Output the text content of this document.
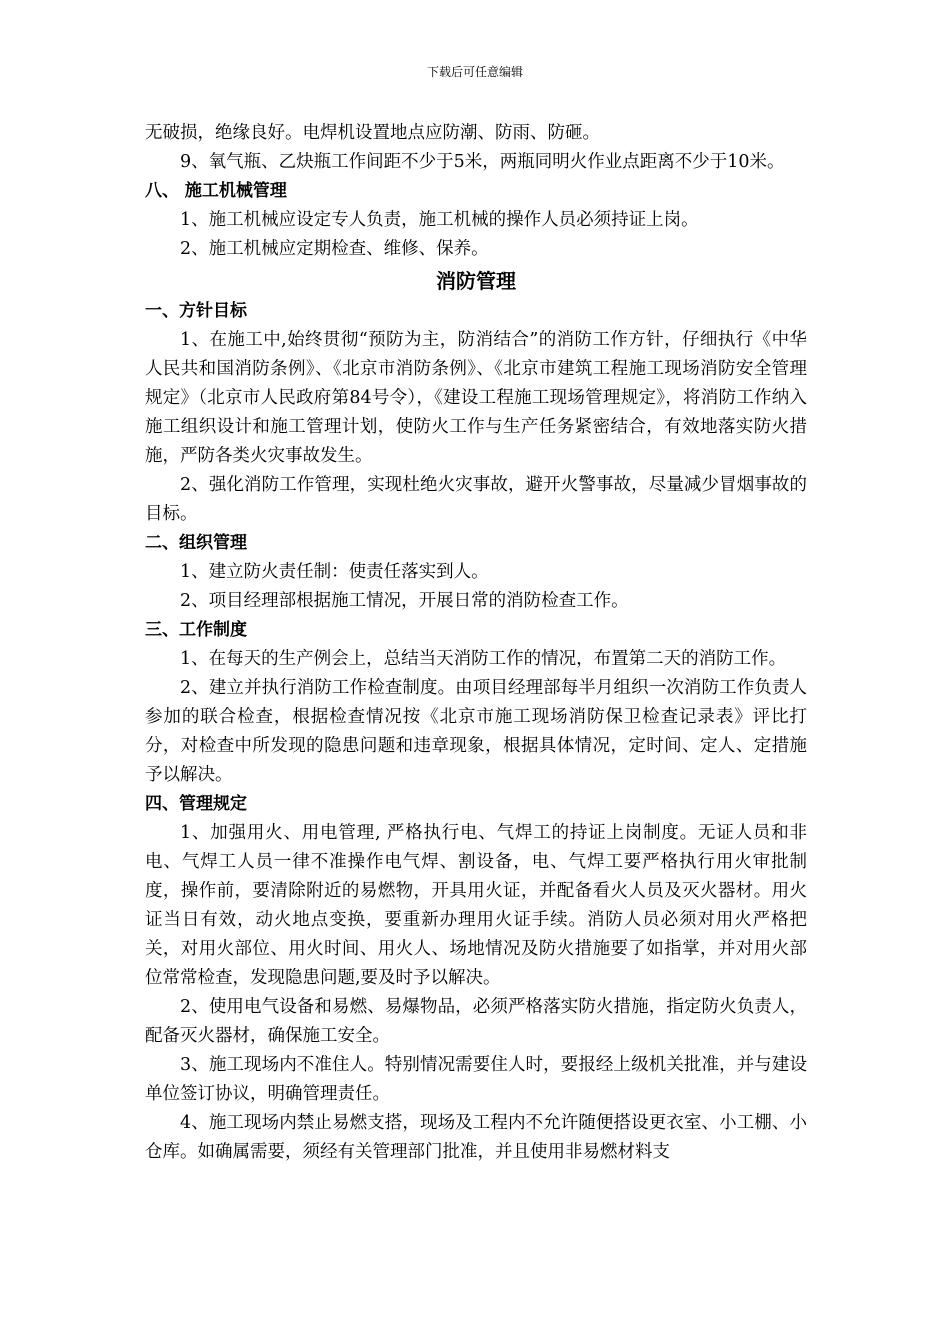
下载后可任意编辑

无破损，绝缘良好。电焊机设置地点应防潮、防雨、防砸。

9、氧气瓶、乙炔瓶工作间距不少于5米，两瓶同明火作业点距离不少于10米。

八、 施工机械管理

1、施工机械应设定专人负责，施工机械的操作人员必须持证上岗。

2、施工机械应定期检查、维修、保养。

消防管理

一、方针目标

1、在施工中,始终贯彻“预防为主，防消结合”的消防工作方针，仔细执行《中华人民共和国消防条例》、《北京市消防条例》、《北京市建筑工程施工现场消防安全管理规定》（北京市人民政府第84号令），《建设工程施工现场管理规定》，将消防工作纳入施工组织设计和施工管理计划，使防火工作与生产任务紧密结合，有效地落实防火措施，严防各类火灾事故发生。

2、强化消防工作管理，实现杜绝火灾事故，避开火警事故，尽量减少冒烟事故的目标。

二、组织管理

1、建立防火责任制：使责任落实到人。

2、项目经理部根据施工情况，开展日常的消防检查工作。

三、工作制度

1、在每天的生产例会上，总结当天消防工作的情况，布置第二天的消防工作。

2、建立并执行消防工作检查制度。由项目经理部每半月组织一次消防工作负责人参加的联合检查，根据检查情况按《北京市施工现场消防保卫检查记录表》评比打分，对检查中所发现的隐患问题和违章现象，根据具体情况，定时间、定人、定措施予以解决。

四、管理规定

1、加强用火、用电管理, 严格执行电、气焊工的持证上岗制度。无证人员和非电、气焊工人员一律不准操作电气焊、割设备，电、气焊工要严格执行用火审批制度，操作前，要清除附近的易燃物，开具用火证，并配备看火人员及灭火器材。用火证当日有效，动火地点变换，要重新办理用火证手续。消防人员必须对用火严格把关，对用火部位、用火时间、用火人、场地情况及防火措施要了如指掌，并对用火部位常常检查，发现隐患问题,要及时予以解决。

2、使用电气设备和易燃、易爆物品，必须严格落实防火措施，指定防火负责人，配备灭火器材，确保施工安全。

3、施工现场内不准住人。特别情况需要住人时，要报经上级机关批准，并与建设单位签订协议，明确管理责任。

4、施工现场内禁止易燃支搭，现场及工程内不允许随便搭设更衣室、小工棚、小仓库。如确属需要，须经有关管理部门批准，并且使用非易燃材料支
